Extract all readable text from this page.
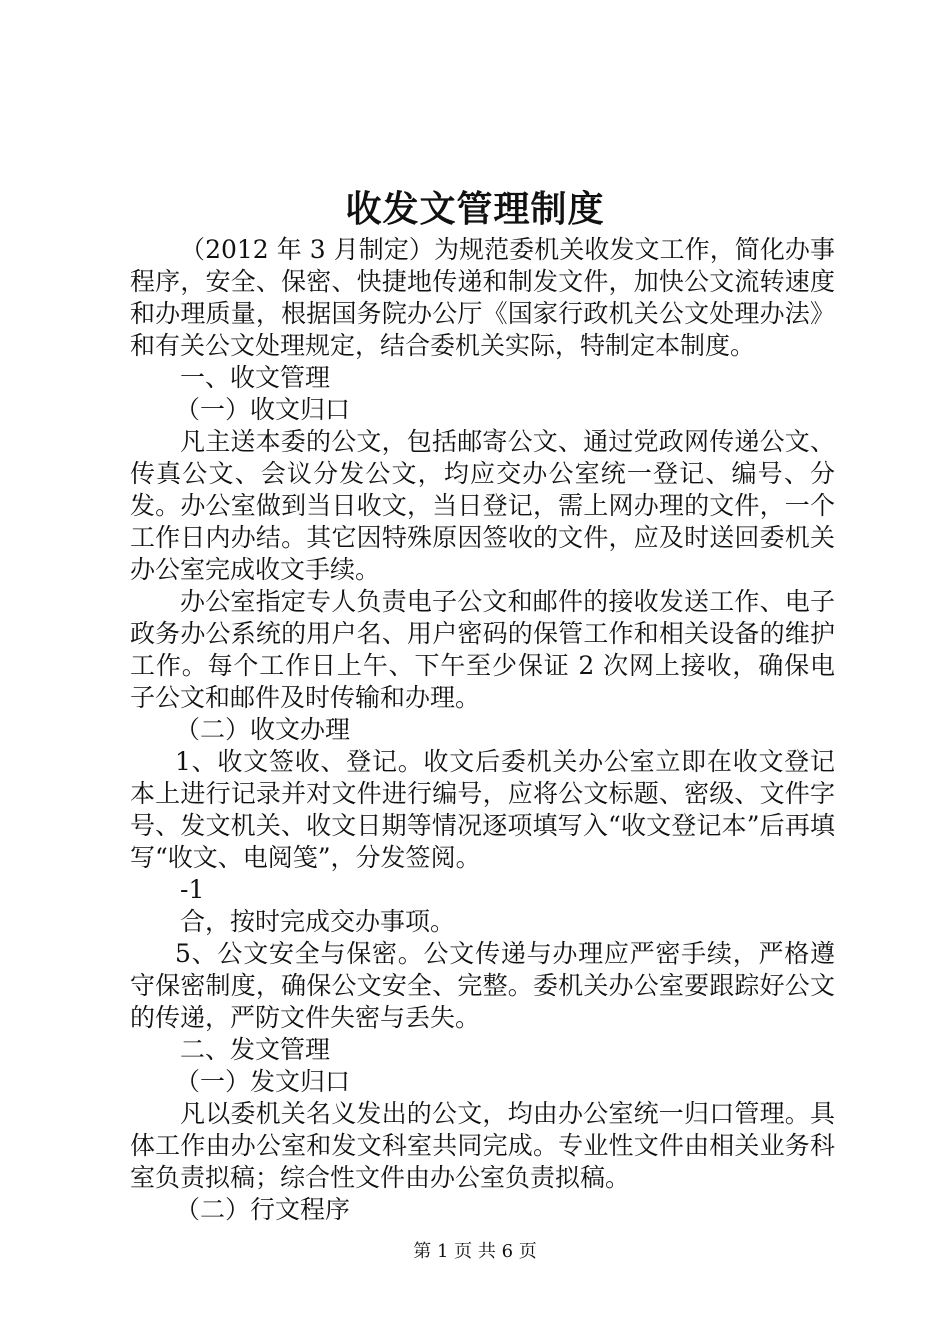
收发文管理制度

（2012 年 3 月制定）为规范委机关收发文工作，简化办事程序，安全、保密、快捷地传递和制发文件，加快公文流转速度和办理质量，根据国务院办公厅《国家行政机关公文处理办法》和有关公文处理规定，结合委机关实际，特制定本制度。

一、收文管理

（一）收文归口

凡主送本委的公文，包括邮寄公文、通过党政网传递公文、传真公文、会议分发公文，均应交办公室统一登记、编号、分发。办公室做到当日收文，当日登记，需上网办理的文件，一个工作日内办结。其它因特殊原因签收的文件，应及时送回委机关办公室完成收文手续。

办公室指定专人负责电子公文和邮件的接收发送工作、电子政务办公系统的用户名、用户密码的保管工作和相关设备的维护工作。每个工作日上午、下午至少保证 2 次网上接收，确保电子公文和邮件及时传输和办理。

（二）收文办理

1、收文签收、登记。收文后委机关办公室立即在收文登记本上进行记录并对文件进行编号，应将公文标题、密级、文件字号、发文机关、收文日期等情况逐项填写入“收文登记本”后再填写“收文、电阅笺”，分发签阅。

-1

合，按时完成交办事项。

5、公文安全与保密。公文传递与办理应严密手续，严格遵守保密制度，确保公文安全、完整。委机关办公室要跟踪好公文的传递，严防文件失密与丢失。

二、发文管理

（一）发文归口

凡以委机关名义发出的公文，均由办公室统一归口管理。具体工作由办公室和发文科室共同完成。专业性文件由相关业务科室负责拟稿；综合性文件由办公室负责拟稿。

（二）行文程序

第 1 页 共 6 页
